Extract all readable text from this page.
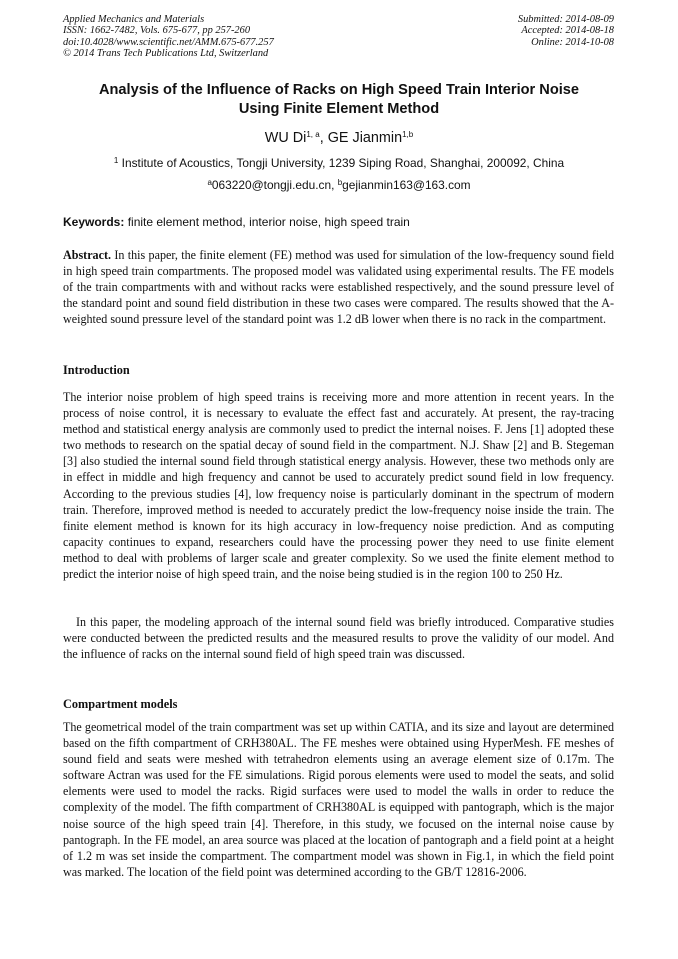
Applied Mechanics and Materials
ISSN: 1662-7482, Vols. 675-677, pp 257-260
doi:10.4028/www.scientific.net/AMM.675-677.257
© 2014 Trans Tech Publications Ltd, Switzerland
Submitted: 2014-08-09
Accepted: 2014-08-18
Online: 2014-10-08
Analysis of the Influence of Racks on High Speed Train Interior Noise
Using Finite Element Method
WU Di$^{1, a}$, GE Jianmin$^{1,b}$
$^1$ Institute of Acoustics, Tongji University, 1239 Siping Road, Shanghai, 200092, China
$^a$063220@tongji.edu.cn, $^b$gejianmin163@163.com
Keywords: finite element method, interior noise, high speed train
Abstract. In this paper, the finite element (FE) method was used for simulation of the low-frequency sound field in high speed train compartments. The proposed model was validated using experimental results. The FE models of the train compartments with and without racks were established respectively, and the sound pressure level of the standard point and sound field distribution in these two cases were compared. The results showed that the A-weighted sound pressure level of the standard point was 1.2 dB lower when there is no rack in the compartment.
Introduction
The interior noise problem of high speed trains is receiving more and more attention in recent years. In the process of noise control, it is necessary to evaluate the effect fast and accurately. At present, the ray-tracing method and statistical energy analysis are commonly used to predict the internal noises. F. Jens [1] adopted these two methods to research on the spatial decay of sound field in the compartment. N.J. Shaw [2] and B. Stegeman [3] also studied the internal sound field through statistical energy analysis. However, these two methods only are in effect in middle and high frequency and cannot be used to accurately predict sound field in low frequency. According to the previous studies [4], low frequency noise is particularly dominant in the spectrum of modern train. Therefore, improved method is needed to accurately predict the low-frequency noise inside the train. The finite element method is known for its high accuracy in low-frequency noise prediction. And as computing capacity continues to expand, researchers could have the processing power they need to use finite element method to deal with problems of larger scale and greater complexity. So we used the finite element method to predict the interior noise of high speed train, and the noise being studied is in the region 100 to 250 Hz.
In this paper, the modeling approach of the internal sound field was briefly introduced. Comparative studies were conducted between the predicted results and the measured results to prove the validity of our model. And the influence of racks on the internal sound field of high speed train was discussed.
Compartment models
The geometrical model of the train compartment was set up within CATIA, and its size and layout are determined based on the fifth compartment of CRH380AL. The FE meshes were obtained using HyperMesh. FE meshes of sound field and seats were meshed with tetrahedron elements using an average element size of 0.17m. The software Actran was used for the FE simulations. Rigid porous elements were used to model the seats, and solid elements were used to model the racks. Rigid surfaces were used to model the walls in order to reduce the complexity of the model. The fifth compartment of CRH380AL is equipped with pantograph, which is the major noise source of the high speed train [4]. Therefore, in this study, we focused on the internal noise cause by pantograph. In the FE model, an area source was placed at the location of pantograph and a field point at a height of 1.2 m was set inside the compartment. The compartment model was shown in Fig.1, in which the field point was marked. The location of the field point was determined according to the GB/T 12816-2006.
